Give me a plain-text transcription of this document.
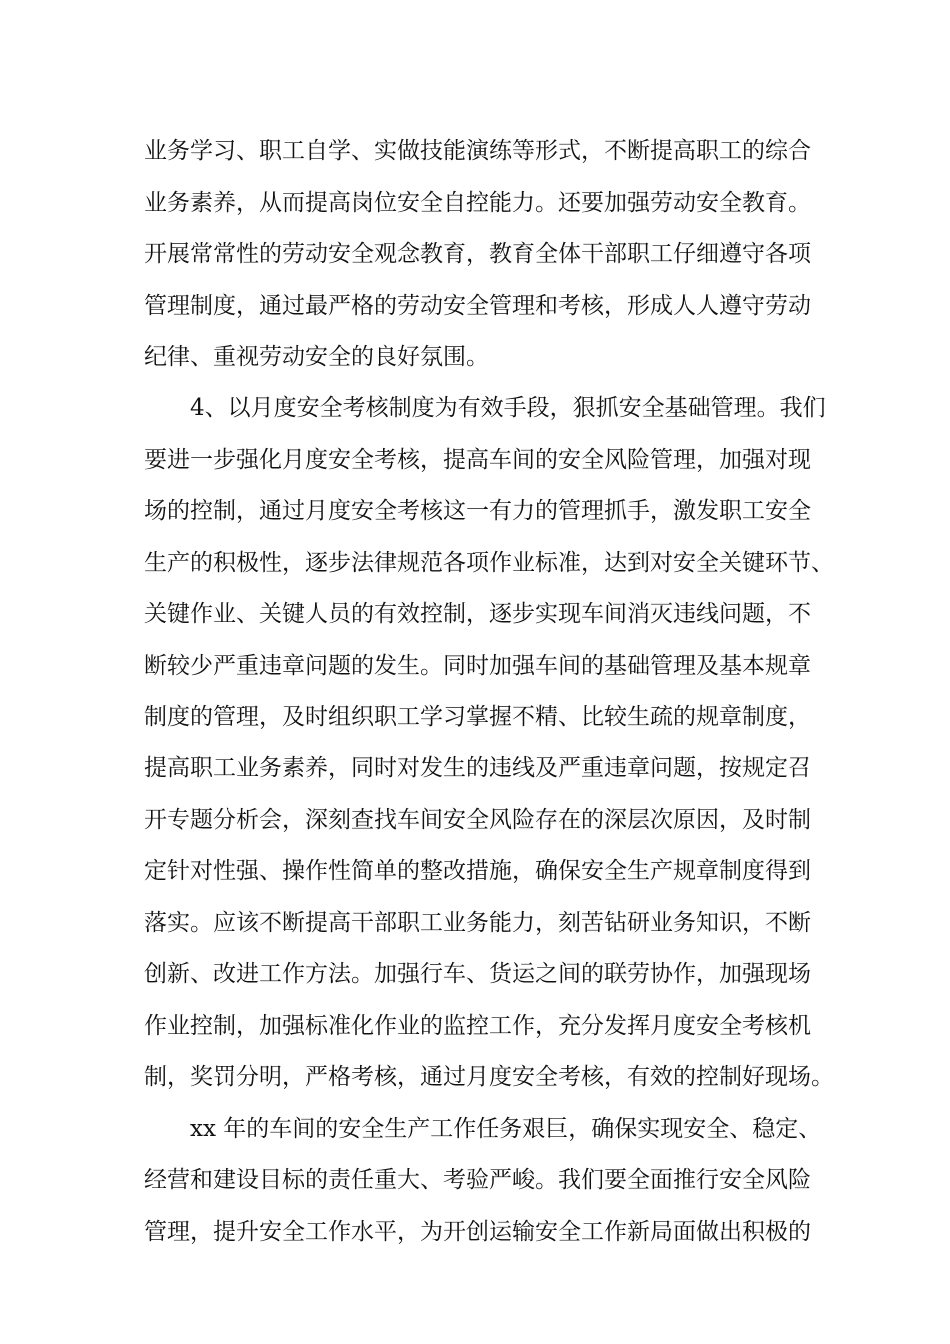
业务学习、职工自学、实做技能演练等形式，不断提高职工的综合
业务素养，从而提高岗位安全自控能力。还要加强劳动安全教育。
开展常常性的劳动安全观念教育，教育全体干部职工仔细遵守各项
管理制度，通过最严格的劳动安全管理和考核，形成人人遵守劳动
纪律、重视劳动安全的良好氛围。
4、以月度安全考核制度为有效手段，狠抓安全基础管理。我们
要进一步强化月度安全考核，提高车间的安全风险管理，加强对现
场的控制，通过月度安全考核这一有力的管理抓手，激发职工安全
生产的积极性，逐步法律规范各项作业标准，达到对安全关键环节、
关键作业、关键人员的有效控制，逐步实现车间消灭违线问题，不
断较少严重违章问题的发生。同时加强车间的基础管理及基本规章
制度的管理，及时组织职工学习掌握不精、比较生疏的规章制度，
提高职工业务素养，同时对发生的违线及严重违章问题，按规定召
开专题分析会，深刻查找车间安全风险存在的深层次原因，及时制
定针对性强、操作性简单的整改措施，确保安全生产规章制度得到
落实。应该不断提高干部职工业务能力，刻苦钻研业务知识，不断
创新、改进工作方法。加强行车、货运之间的联劳协作，加强现场
作业控制，加强标准化作业的监控工作，充分发挥月度安全考核机
制，奖罚分明，严格考核，通过月度安全考核，有效的控制好现场。
xx 年的车间的安全生产工作任务艰巨，确保实现安全、稳定、
经营和建设目标的责任重大、考验严峻。我们要全面推行安全风险
管理，提升安全工作水平，为开创运输安全工作新局面做出积极的
